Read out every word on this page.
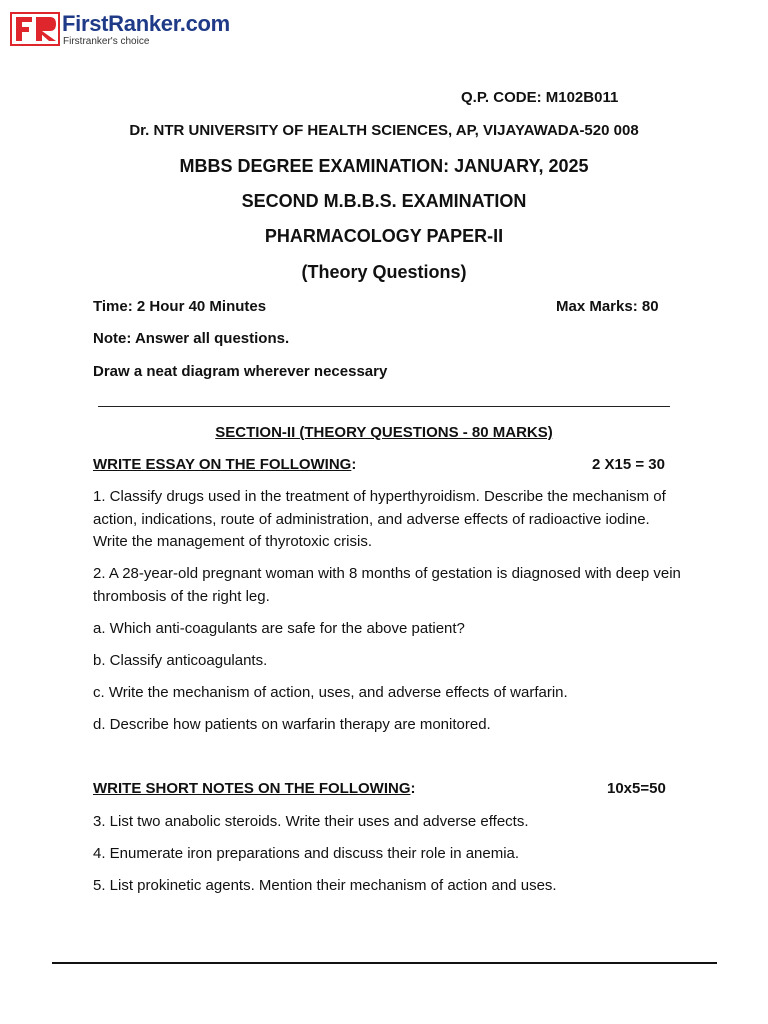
FirstRanker.com
Firstranker's choice
Q.P. CODE: M102B011
Dr. NTR UNIVERSITY OF HEALTH SCIENCES, AP, VIJAYAWADA-520 008
MBBS DEGREE EXAMINATION: JANUARY, 2025
SECOND M.B.B.S. EXAMINATION
PHARMACOLOGY PAPER-II
(Theory Questions)
Time: 2 Hour 40 Minutes	Max Marks: 80
Note: Answer all questions.
Draw a neat diagram wherever necessary
SECTION-II (THEORY QUESTIONS - 80 MARKS)
WRITE ESSAY ON THE FOLLOWING:	2 X15 = 30
1. Classify drugs used in the treatment of hyperthyroidism. Describe the mechanism of action, indications, route of administration, and adverse effects of radioactive iodine. Write the management of thyrotoxic crisis.
2. A 28-year-old pregnant woman with 8 months of gestation is diagnosed with deep vein thrombosis of the right leg.
a. Which anti-coagulants are safe for the above patient?
b. Classify anticoagulants.
c. Write the mechanism of action, uses, and adverse effects of warfarin.
d. Describe how patients on warfarin therapy are monitored.
WRITE SHORT NOTES ON THE FOLLOWING:	10x5=50
3. List two anabolic steroids. Write their uses and adverse effects.
4. Enumerate iron preparations and discuss their role in anemia.
5. List prokinetic agents. Mention their mechanism of action and uses.
